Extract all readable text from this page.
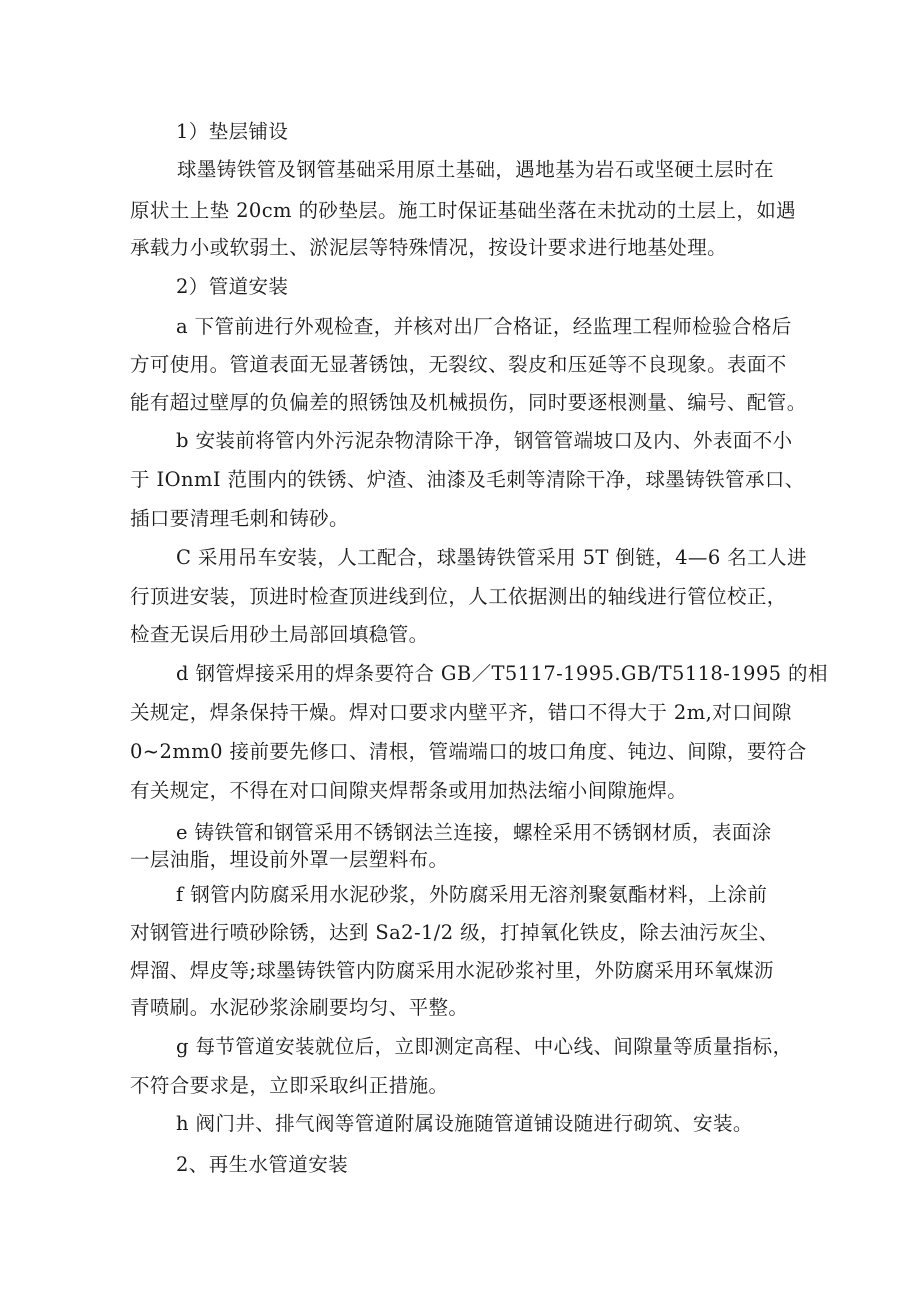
1）垫层铺设
球墨铸铁管及钢管基础采用原土基础，遇地基为岩石或坚硬土层时在
原状土上垫 20cm 的砂垫层。施工时保证基础坐落在未扰动的土层上，如遇
承载力小或软弱土、淤泥层等特殊情况，按设计要求进行地基处理。
2）管道安装
a 下管前进行外观检查，并核对出厂合格证，经监理工程师检验合格后
方可使用。管道表面无显著锈蚀，无裂纹、裂皮和压延等不良现象。表面不
能有超过壁厚的负偏差的照锈蚀及机械损伤，同时要逐根测量、编号、配管。
b 安装前将管内外污泥杂物清除干净，钢管管端坡口及内、外表面不小
于 IOnmI 范围内的铁锈、炉渣、油漆及毛刺等清除干净，球墨铸铁管承口、
插口要清理毛刺和铸砂。
C 采用吊车安装，人工配合，球墨铸铁管采用 5T 倒链，4—6 名工人进
行顶进安装，顶进时检查顶进线到位，人工依据测出的轴线进行管位校正，
检查无误后用砂土局部回填稳管。
d 钢管焊接采用的焊条要符合 GB／T5117-1995.GB/T5118-1995 的相
关规定，焊条保持干燥。焊对口要求内壁平齐，错口不得大于 2m,对口间隙
0~2mm0 接前要先修口、清根，管端端口的坡口角度、钝边、间隙，要符合
有关规定，不得在对口间隙夹焊帮条或用加热法缩小间隙施焊。
e 铸铁管和钢管采用不锈钢法兰连接，螺栓采用不锈钢材质，表面涂
一层油脂，埋设前外罩一层塑料布。
f 钢管内防腐采用水泥砂浆，外防腐采用无溶剂聚氨酯材料，上涂前
对钢管进行喷砂除锈，达到 Sa2-1/2 级，打掉氧化铁皮，除去油污灰尘、
焊溜、焊皮等;球墨铸铁管内防腐采用水泥砂浆衬里，外防腐采用环氧煤沥
青喷刷。水泥砂浆涂刷要均匀、平整。
g 每节管道安装就位后，立即测定高程、中心线、间隙量等质量指标，
不符合要求是，立即采取纠正措施。
h 阀门井、排气阀等管道附属设施随管道铺设随进行砌筑、安装。
2、再生水管道安装
